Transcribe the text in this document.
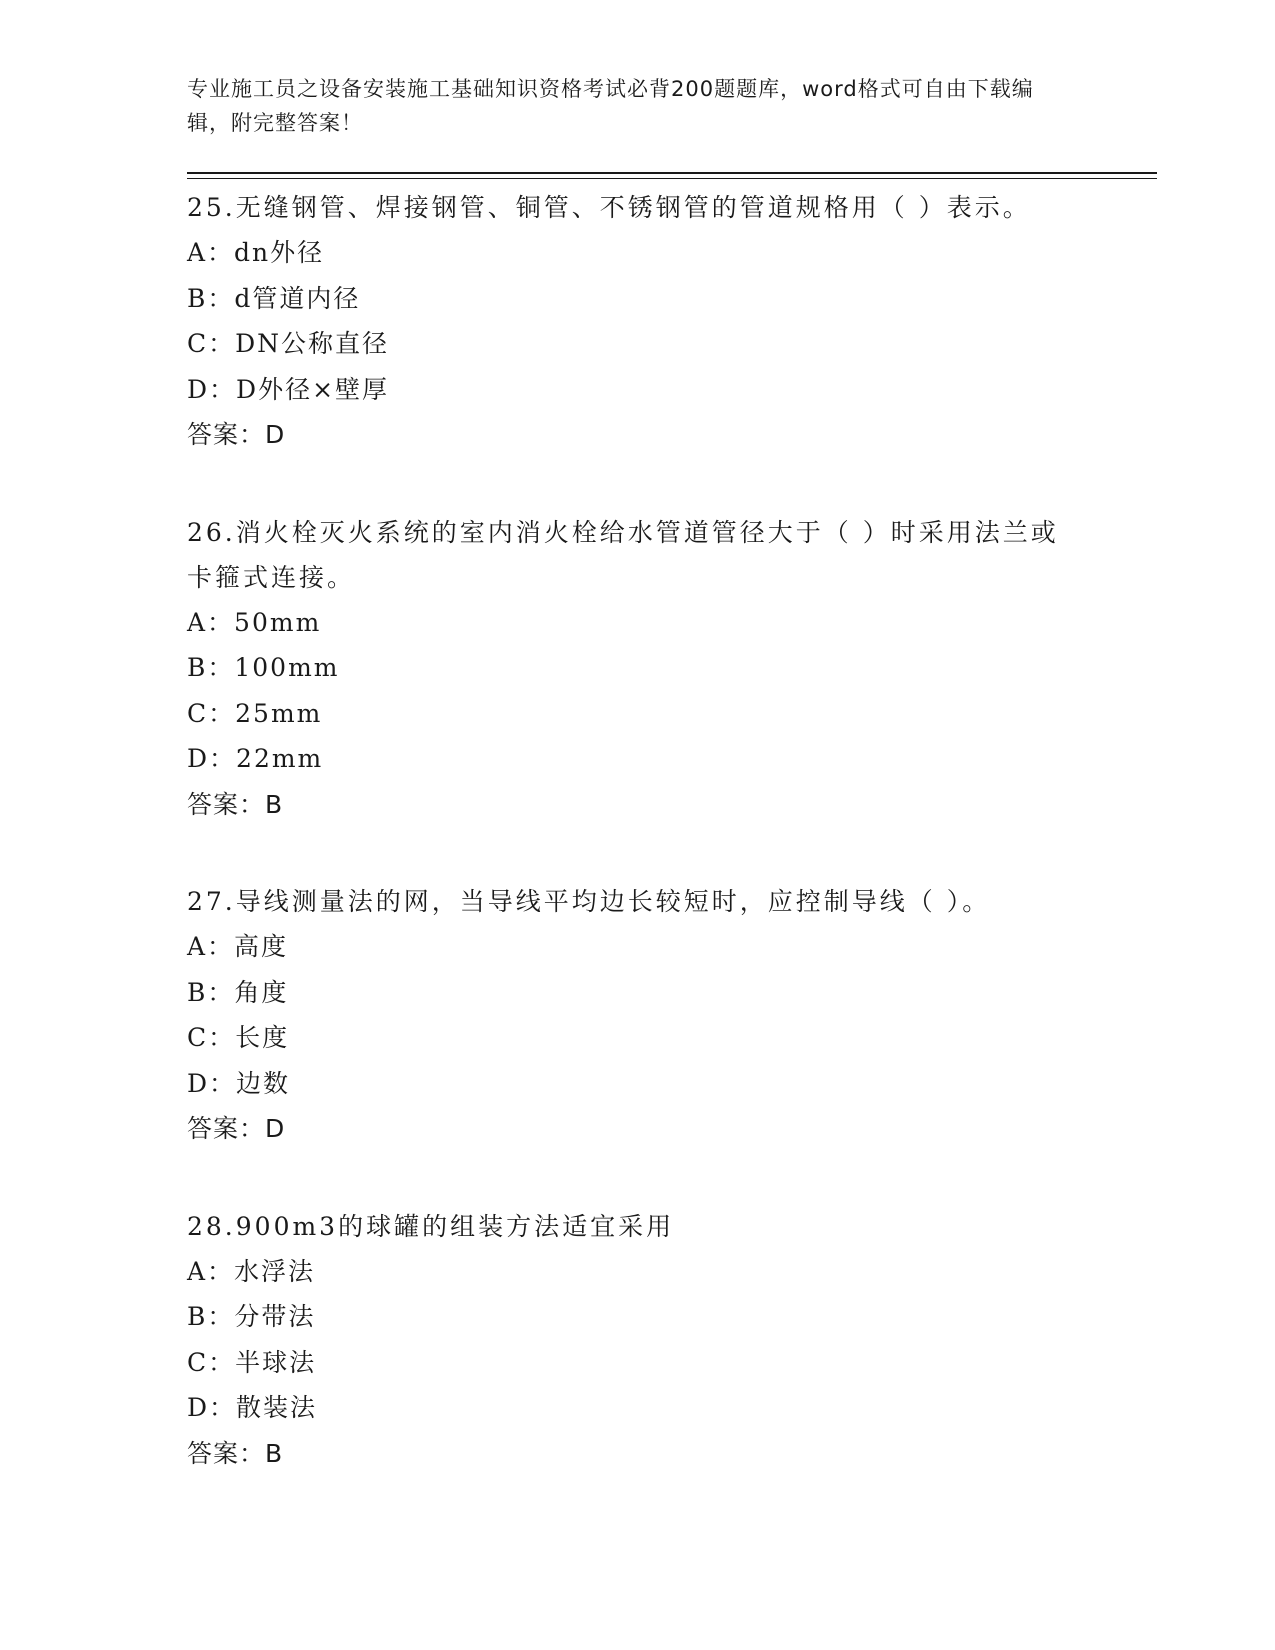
专业施工员之设备安装施工基础知识资格考试必背200题题库，word格式可自由下载编辑，附完整答案！

25.无缝钢管、焊接钢管、铜管、不锈钢管的管道规格用（ ）表示。

A：dn外径

B：d管道内径

C：DN公称直径

D：D外径×壁厚

答案：D

26.消火栓灭火系统的室内消火栓给水管道管径大于（ ）时采用法兰或卡箍式连接。

A：50mm

B：100mm

C：25mm

D：22mm

答案：B

27.导线测量法的网，当导线平均边长较短时，应控制导线（ ）。

A：高度

B：角度

C：长度

D：边数

答案：D

28.900m3的球罐的组装方法适宜采用

A：水浮法

B：分带法

C：半球法

D：散装法

答案：B
